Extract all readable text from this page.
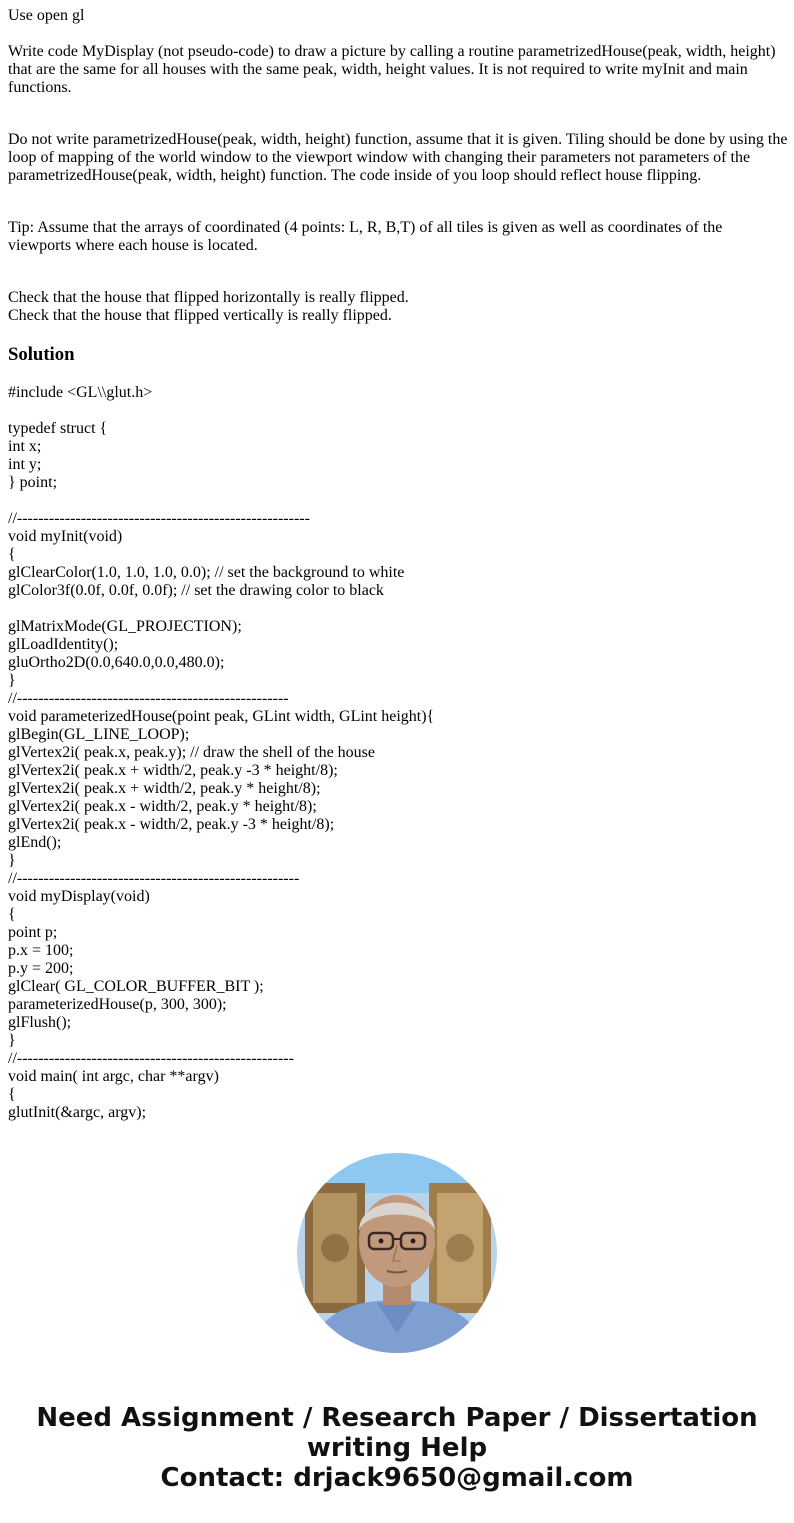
Use open gl

Write code MyDisplay (not pseudo-code) to draw a picture by calling a routine parametrizedHouse(peak, width, height) that are the same for all houses with the same peak, width, height values. It is not required to write myInit and main functions.

Do not write parametrizedHouse(peak, width, height) function, assume that it is given. Tiling should be done by using the loop of mapping of the world window to the viewport window with changing their parameters not parameters of the parametrizedHouse(peak, width, height) function. The code inside of you loop should reflect house flipping.

Tip: Assume that the arrays of coordinated (4 points: L, R, B,T) of all tiles is given as well as coordinates of the viewports where each house is located.

Check that the house that flipped horizontally is really flipped.

Check that the house that flipped vertically is really flipped.

Solution
#include <GL\\glut.h>
typedef struct {
int x;
int y;
} point;
//-------------------------------------------------------
void myInit(void)
{
glClearColor(1.0, 1.0, 1.0, 0.0); // set the background to white
glColor3f(0.0f, 0.0f, 0.0f); // set the drawing color to black
glMatrixMode(GL_PROJECTION);
glLoadIdentity();
gluOrtho2D(0.0,640.0,0.0,480.0);
}
//---------------------------------------------------
void parameterizedHouse(point peak, GLint width, GLint height){
glBegin(GL_LINE_LOOP);
glVertex2i( peak.x, peak.y); // draw the shell of the house
glVertex2i( peak.x + width/2, peak.y -3 * height/8);
glVertex2i( peak.x + width/2, peak.y * height/8);
glVertex2i( peak.x - width/2, peak.y * height/8);
glVertex2i( peak.x - width/2, peak.y -3 * height/8);
glEnd();
}
//-----------------------------------------------------
void myDisplay(void)
{
point p;
p.x = 100;
p.y = 200;
glClear( GL_COLOR_BUFFER_BIT );
parameterizedHouse(p, 300, 300);
glFlush();
}
//----------------------------------------------------
void main( int argc, char **argv)
{
glutInit(&argc, argv);
Need Assignment / Research Paper / Dissertation
writing Help
Contact: drjack9650@gmail.com
